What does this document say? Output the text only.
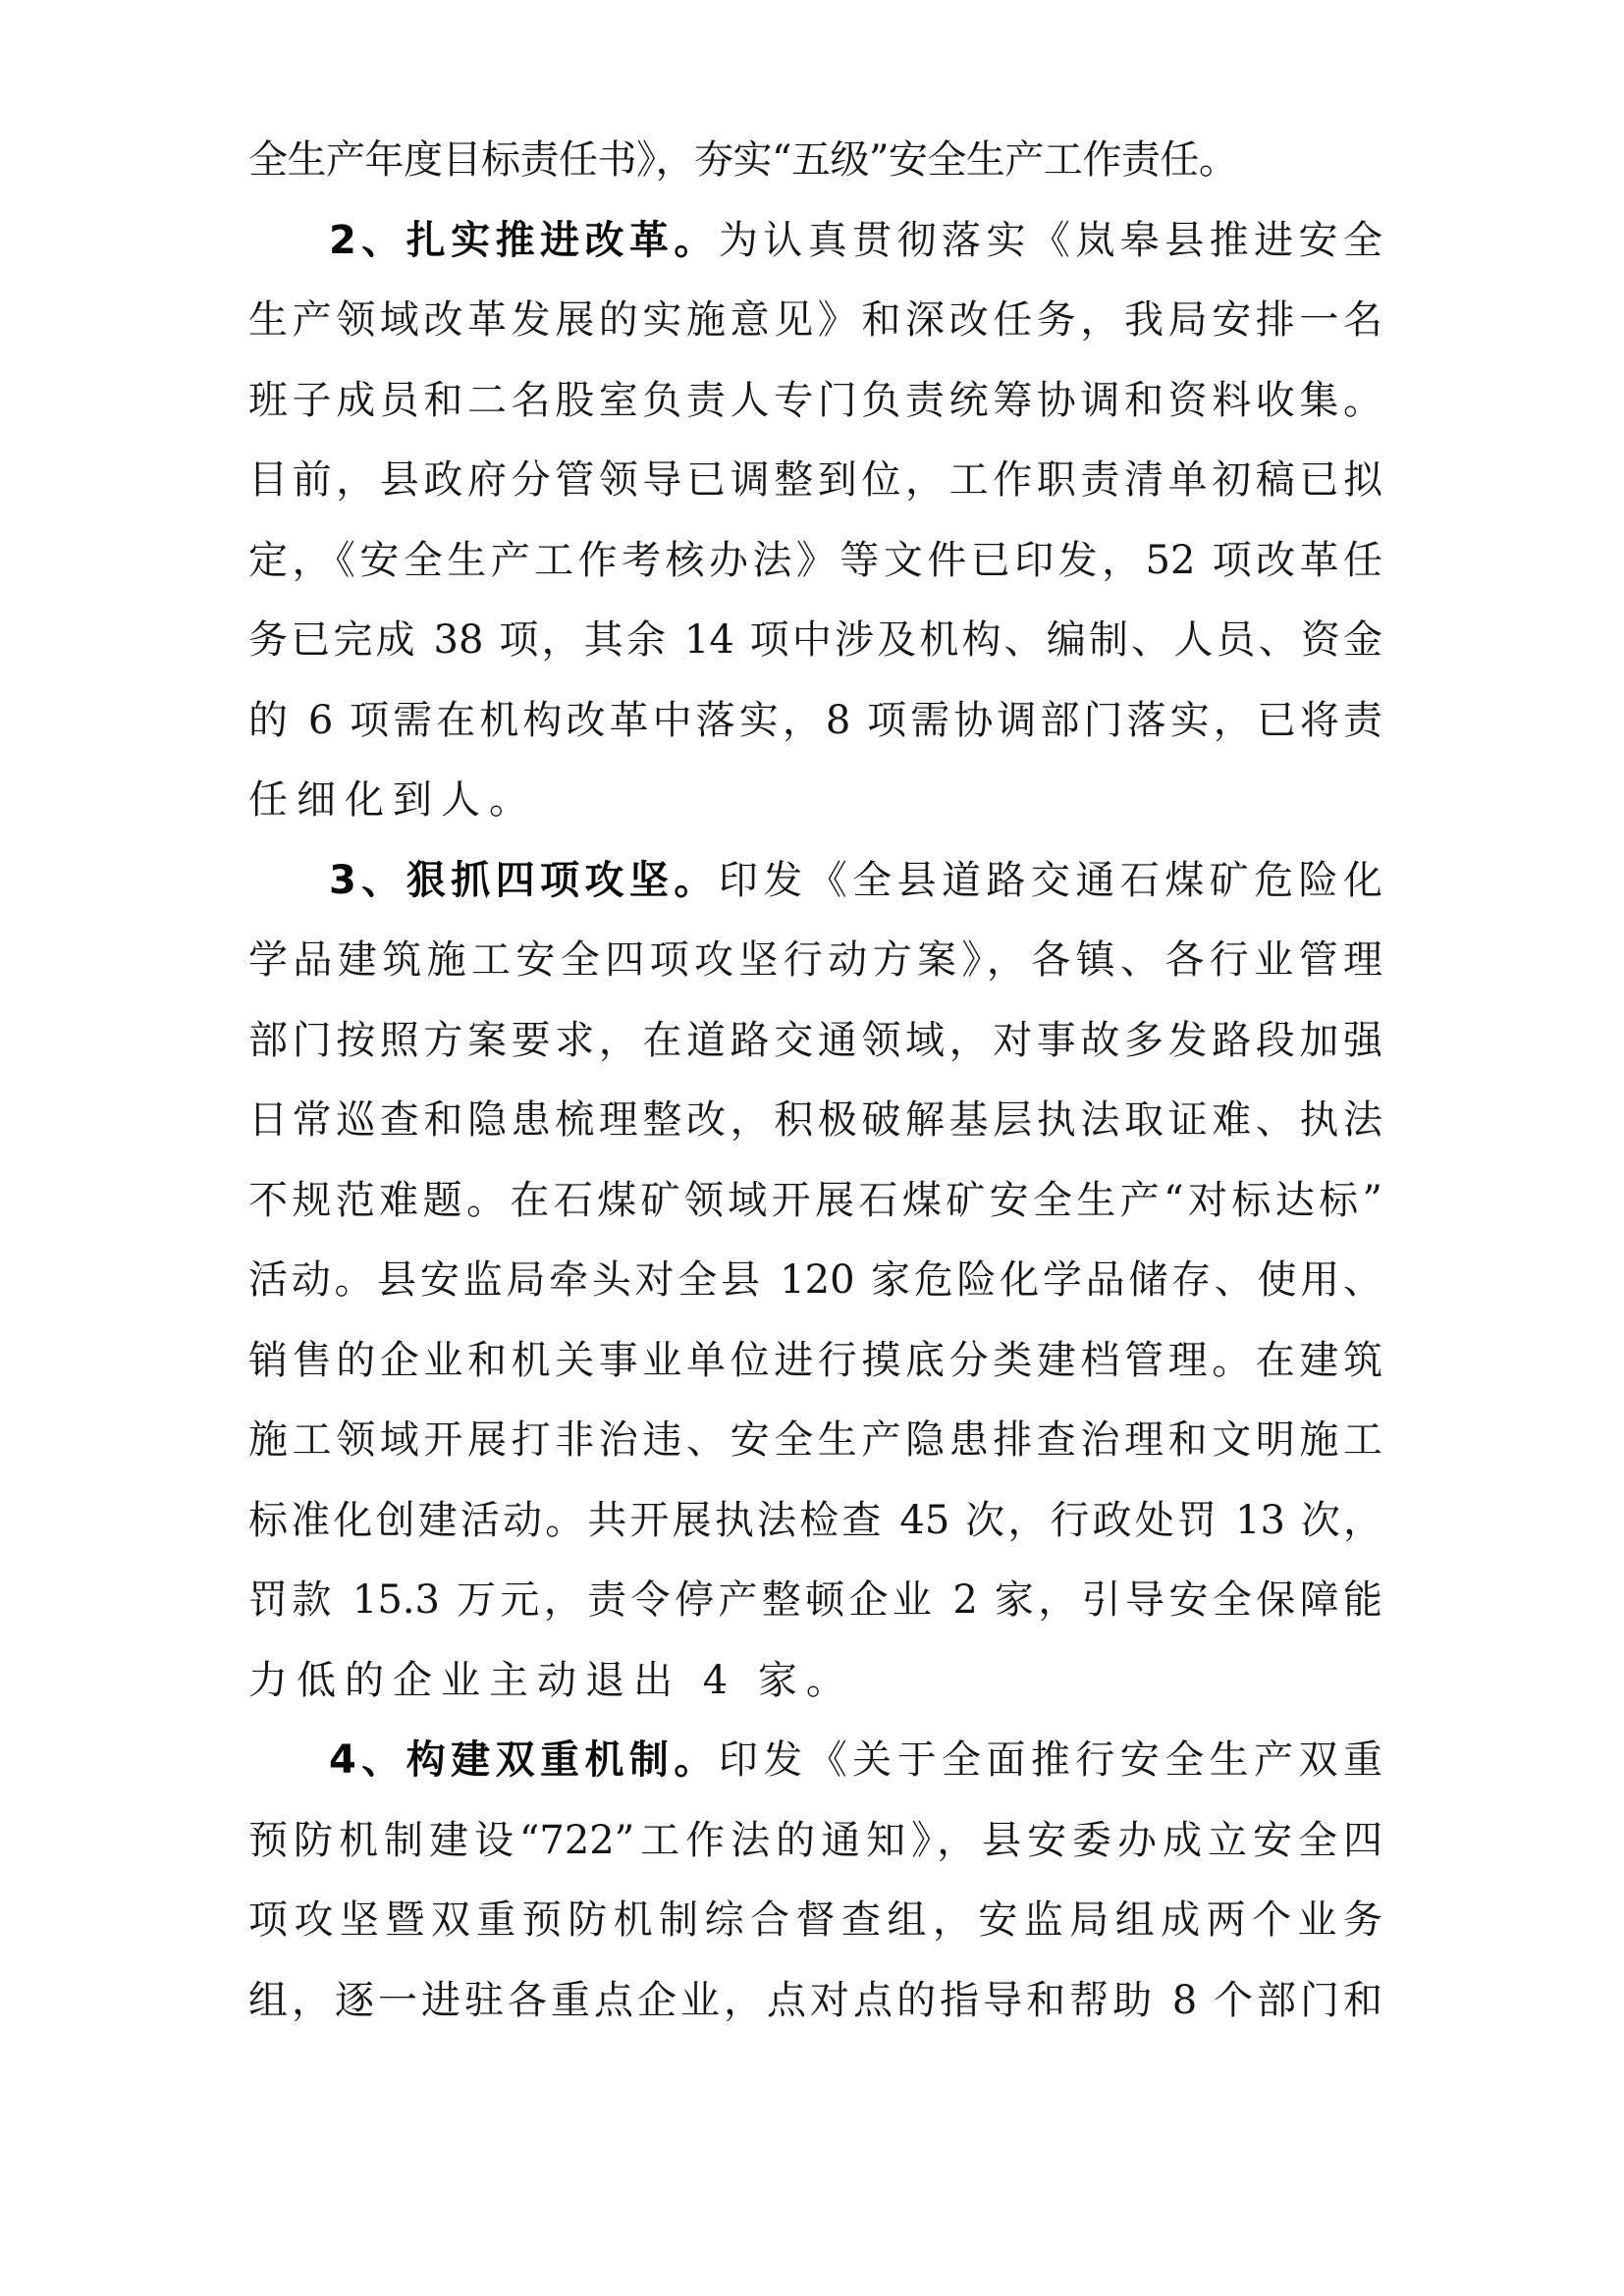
全生产年度目标责任书》，夯实“五级”安全生产工作责任。
2、扎实推进改革。为认真贯彻落实《岚皋县推进安全
生产领域改革发展的实施意见》和深改任务，我局安排一名
班子成员和二名股室负责人专门负责统筹协调和资料收集。
目前，县政府分管领导已调整到位，工作职责清单初稿已拟
定，《安全生产工作考核办法》等文件已印发，52 项改革任
务已完成 38 项，其余 14 项中涉及机构、编制、人员、资金
的 6 项需在机构改革中落实，8 项需协调部门落实，已将责
任细化到人。
3、狠抓四项攻坚。印发《全县道路交通石煤矿危险化
学品建筑施工安全四项攻坚行动方案》，各镇、各行业管理
部门按照方案要求，在道路交通领域，对事故多发路段加强
日常巡查和隐患梳理整改，积极破解基层执法取证难、执法
不规范难题。在石煤矿领域开展石煤矿安全生产“对标达标”
活动。县安监局牵头对全县 120 家危险化学品储存、使用、
销售的企业和机关事业单位进行摸底分类建档管理。在建筑
施工领域开展打非治违、安全生产隐患排查治理和文明施工
标准化创建活动。共开展执法检查 45 次，行政处罚 13 次，
罚款 15.3 万元，责令停产整顿企业 2 家，引导安全保障能
力低的企业主动退出 4 家。
4、构建双重机制。印发《关于全面推行安全生产双重
预防机制建设“722”工作法的通知》，县安委办成立安全四
项攻坚暨双重预防机制综合督查组，安监局组成两个业务
组，逐一进驻各重点企业，点对点的指导和帮助 8 个部门和
